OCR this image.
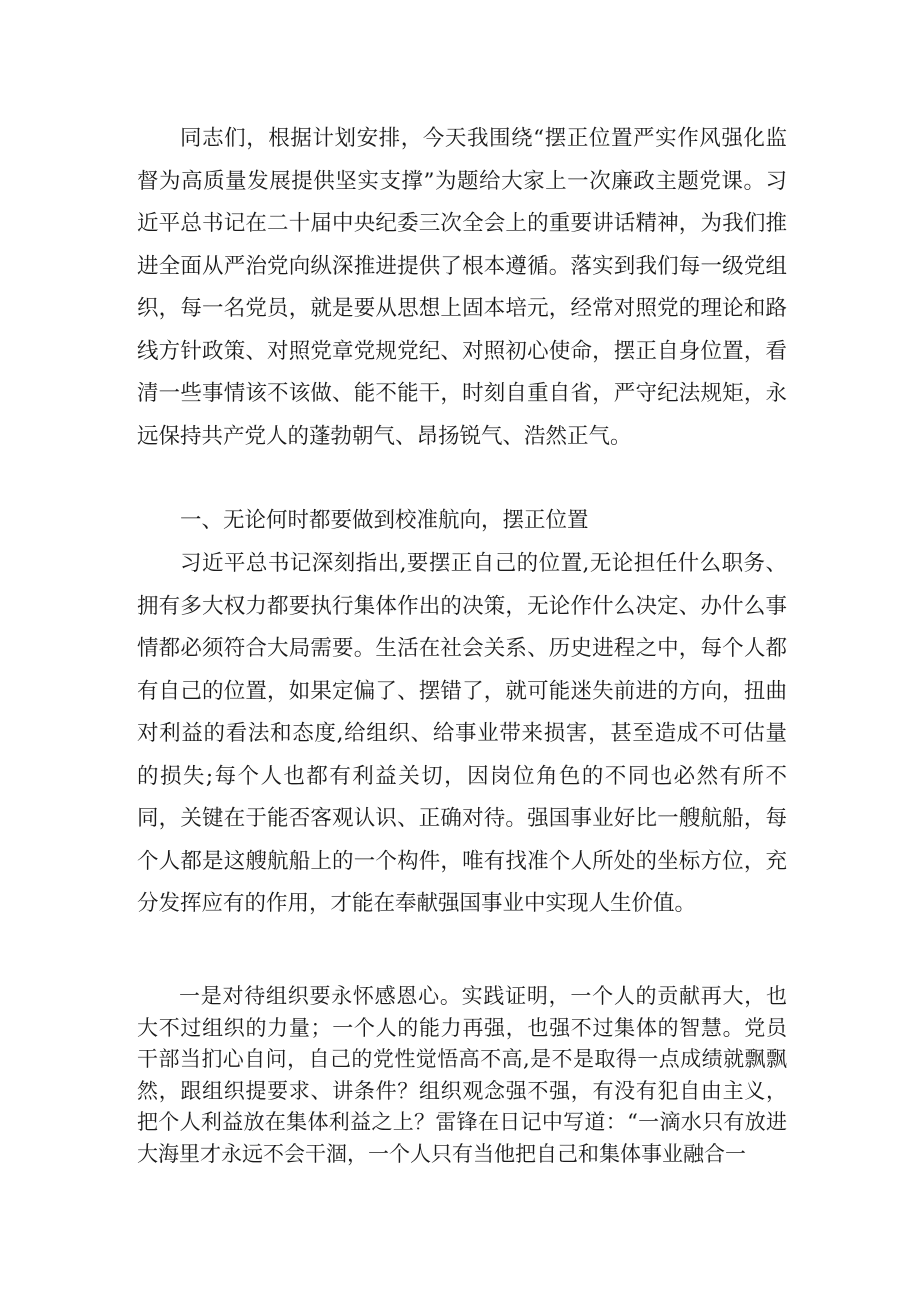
同志们，根据计划安排，今天我围绕“摆正位置严实作风强化监督为高质量发展提供坚实支撑”为题给大家上一次廉政主题党课。习近平总书记在二十届中央纪委三次全会上的重要讲话精神，为我们推进全面从严治党向纵深推进提供了根本遵循。落实到我们每一级党组织，每一名党员，就是要从思想上固本培元，经常对照党的理论和路线方针政策、对照党章党规党纪、对照初心使命，摆正自身位置，看清一些事情该不该做、能不能干，时刻自重自省，严守纪法规矩，永远保持共产党人的蓬勃朝气、昂扬锐气、浩然正气。

一、无论何时都要做到校准航向，摆正位置

习近平总书记深刻指出,要摆正自己的位置,无论担任什么职务、拥有多大权力都要执行集体作出的决策，无论作什么决定、办什么事情都必须符合大局需要。生活在社会关系、历史进程之中，每个人都有自己的位置，如果定偏了、摆错了，就可能迷失前进的方向，扭曲对利益的看法和态度,给组织、给事业带来损害，甚至造成不可估量的损失;每个人也都有利益关切，因岗位角色的不同也必然有所不同，关键在于能否客观认识、正确对待。强国事业好比一艘航船，每个人都是这艘航船上的一个构件，唯有找准个人所处的坐标方位，充分发挥应有的作用，才能在奉献强国事业中实现人生价值。

一是对待组织要永怀感恩心。实践证明，一个人的贡献再大，也大不过组织的力量；一个人的能力再强，也强不过集体的智慧。党员干部当扪心自问，自己的党性觉悟高不高,是不是取得一点成绩就飘飘然，跟组织提要求、讲条件？组织观念强不强，有没有犯自由主义，把个人利益放在集体利益之上？雷锋在日记中写道：“一滴水只有放进大海里才永远不会干涸，一个人只有当他把自己和集体事业融合一
